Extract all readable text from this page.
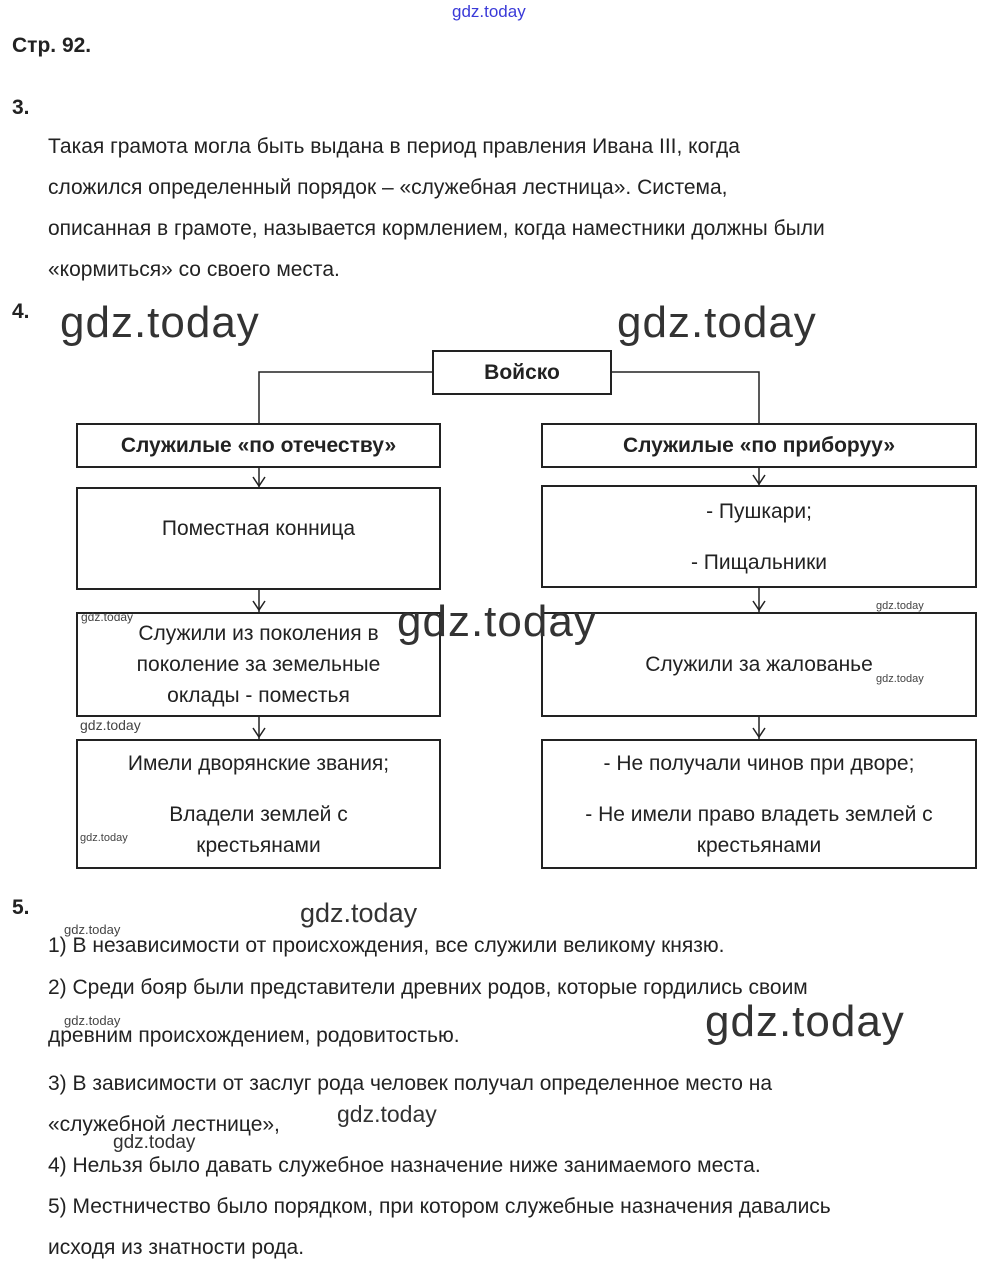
gdz.today
Стр. 92.
3.
Такая грамота могла быть выдана в период правления Ивана III, когда
сложился определенный порядок – «служебная лестница». Система,
описанная в грамоте, называется кормлением, когда наместники должны были
«кормиться» со своего места.
4.
Войско
Служилые «по отечеству»	Служилые «по приборуу»
Поместная конница
- Пушкари;
- Пищальники
Служили из поколения в
поколение за земельные
оклады - поместья
Служили за жалованье
Имели дворянские звания;
Владели землей с
крестьянами
- Не получали чинов при дворе;
- Не имели право владеть землей с
крестьянами
5.
1) В независимости от происхождения, все служили великому князю.
2) Среди бояр были представители древних родов, которые гордились своим
древним происхождением, родовитостью.
3) В зависимости от заслуг рода человек получал определенное место на
«служебной лестнице»,
4) Нельзя было давать служебное назначение ниже занимаемого места.
5) Местничество было порядком, при котором служебные назначения давались
исходя из знатности рода.
gdz.today	gdz.today
gdz.today
gdz.today
gdz.today
gdz.today
gdz.today
gdz.today
gdz.today
gdz.today
gdz.today
gdz.today
gdz.today
gdz.today
